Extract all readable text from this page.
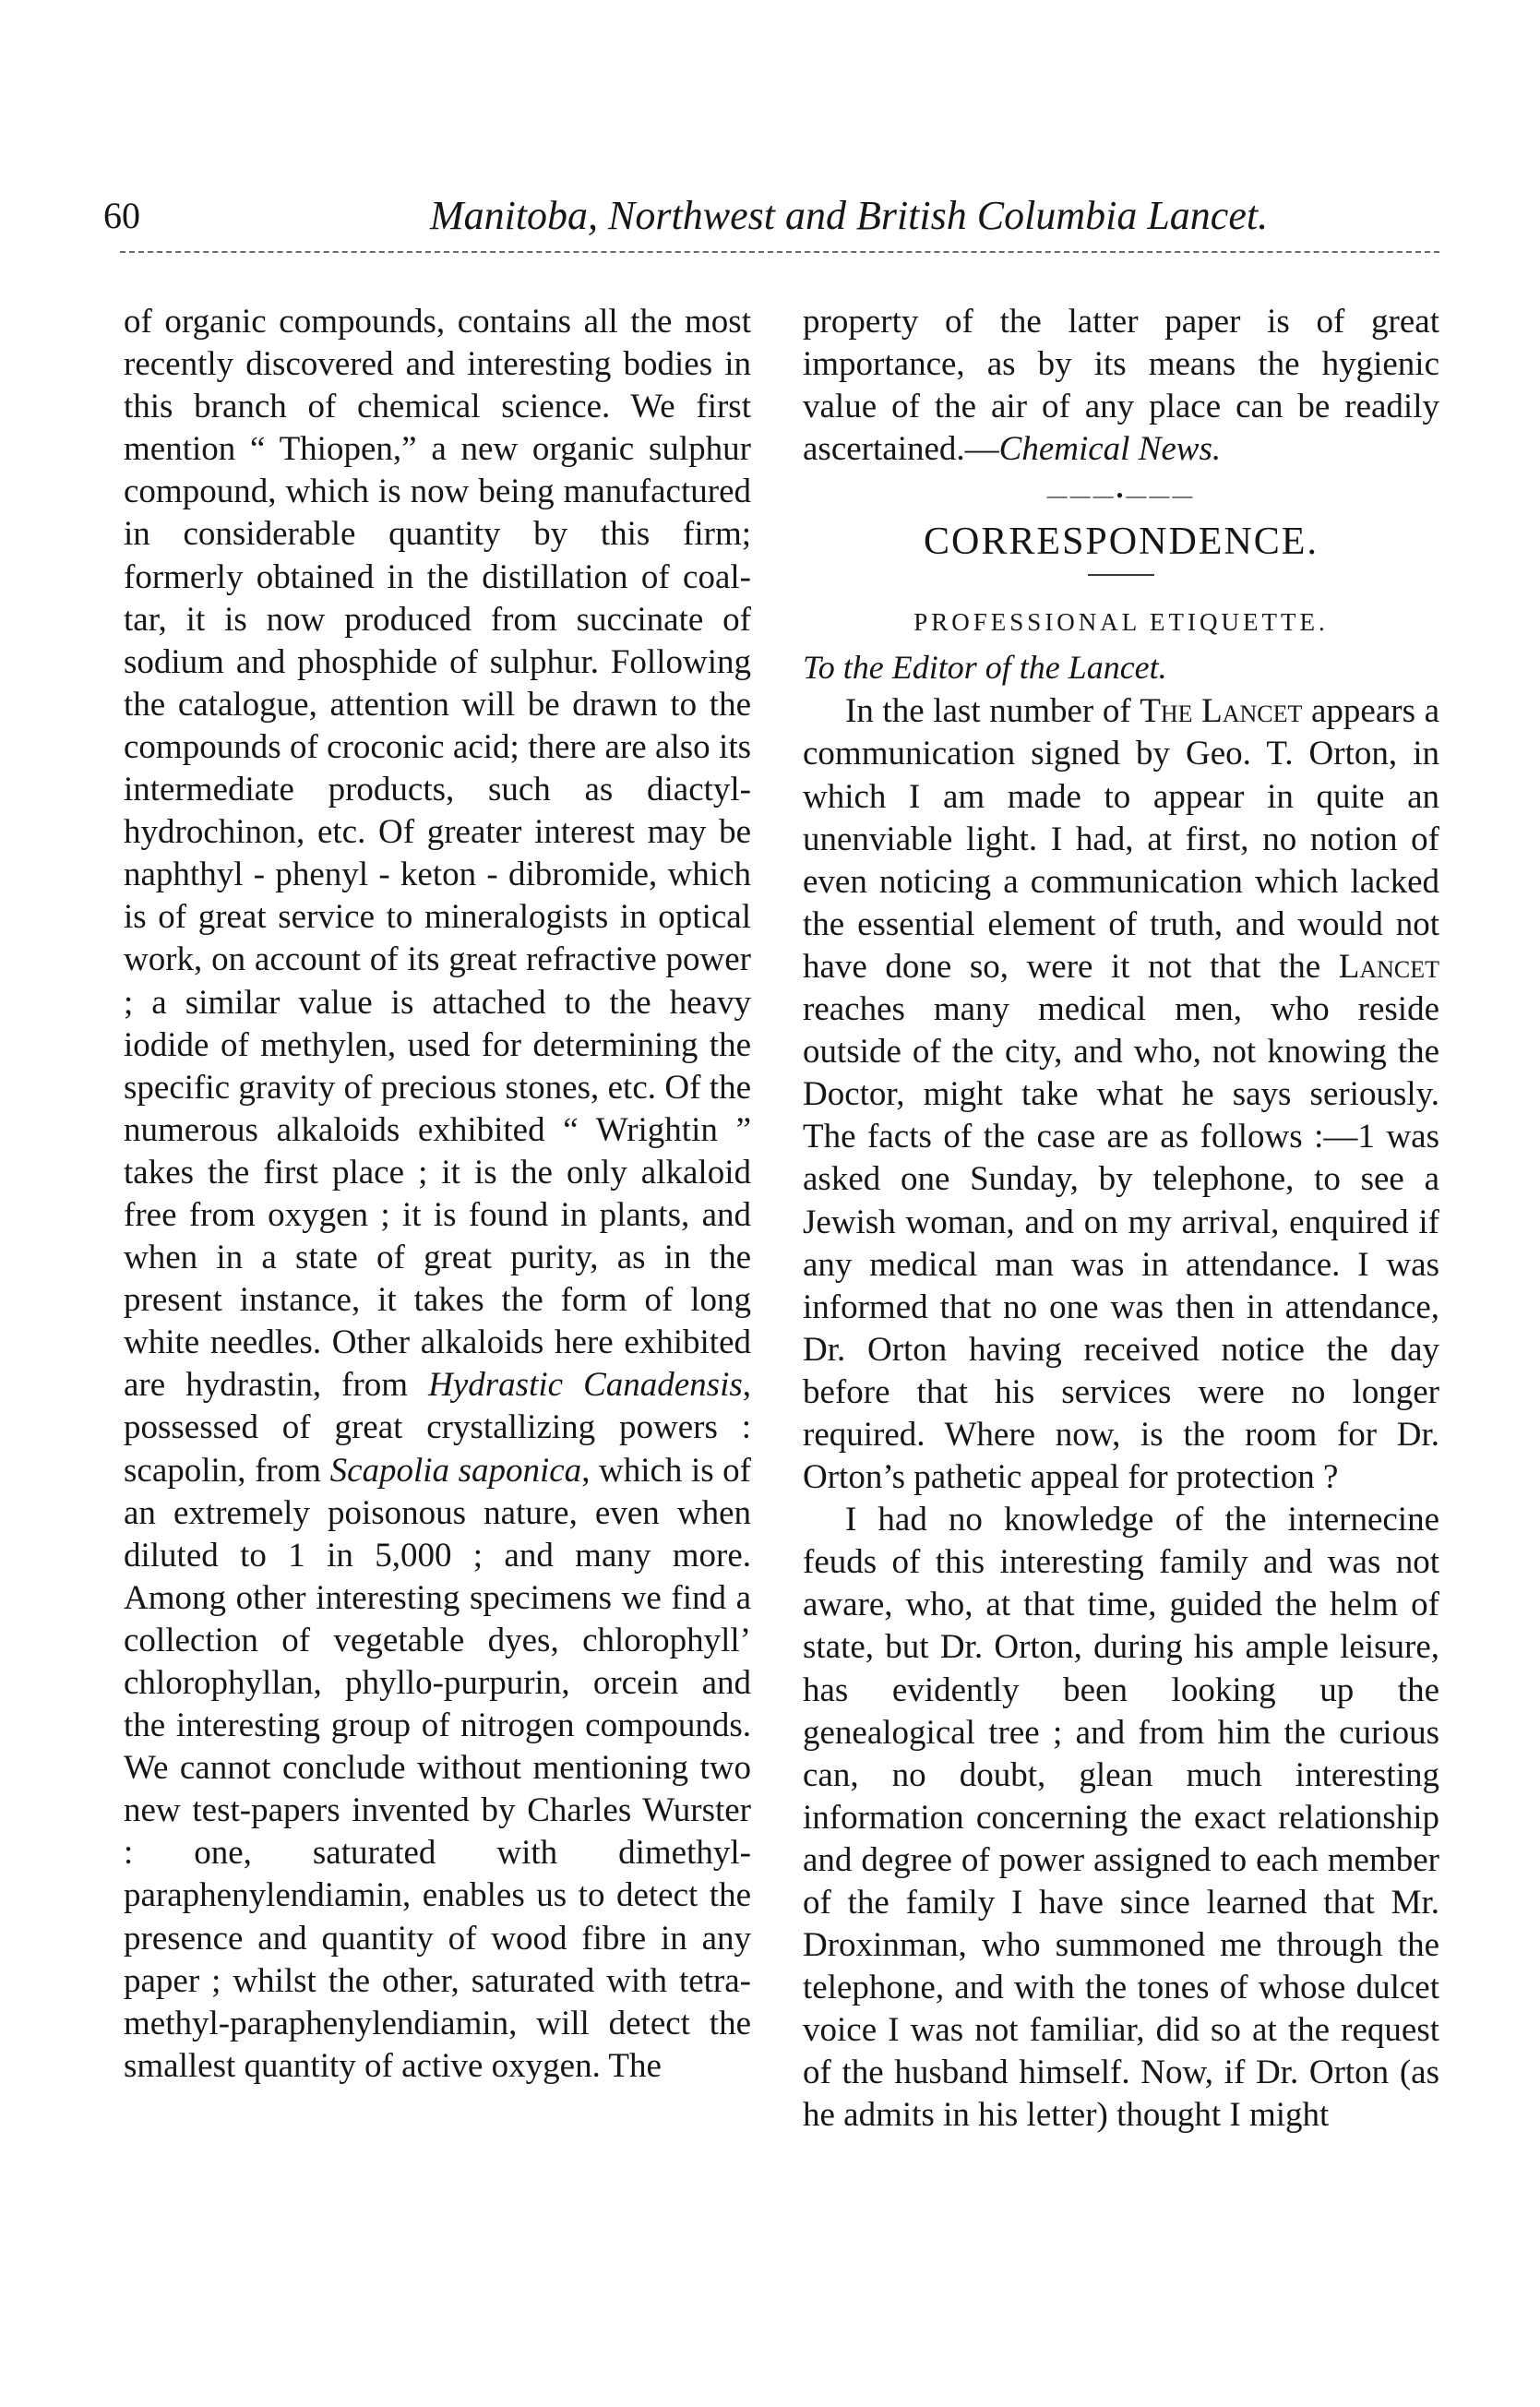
60	Manitoba, Northwest and British Columbia Lancet.

of organic compounds, contains all the most recently discovered and interesting bodies in this branch of chemical science. We first mention “ Thiopen,” a new organic sulphur compound, which is now being manufactured in considerable quantity by this firm; formerly obtained in the distillation of coal-tar, it is now produced from succinate of sodium and phosphide of sulphur. Following the catalogue, attention will be drawn to the compounds of croconic acid; there are also its intermediate products, such as diactyl-hydrochinon, etc. Of greater interest may be naphthyl - phenyl - keton - dibromide, which is of great service to mineralogists in optical work, on account of its great refractive power ; a similar value is attached to the heavy iodide of methylen, used for determining the specific gravity of precious stones, etc. Of the numerous alkaloids exhibited “ Wrightin ” takes the first place ; it is the only alkaloid free from oxygen ; it is found in plants, and when in a state of great purity, as in the present instance, it takes the form of long white needles. Other alkaloids here exhibited are hydrastin, from Hydrastic Canadensis, possessed of great crystallizing powers : scapolin, from Scapolia saponica, which is of an extremely poisonous nature, even when diluted to 1 in 5,000 ; and many more. Among other interesting specimens we find a collection of vegetable dyes, chlorophyll’ chlorophyllan, phyllo-purpurin, orcein and the interesting group of nitrogen compounds. We cannot conclude without mentioning two new test-papers invented by Charles Wurster : one, saturated with dimethyl-paraphenylendiamin, enables us to detect the presence and quantity of wood fibre in any paper ; whilst the other, saturated with tetra-methyl-paraphenylendiamin, will detect the smallest quantity of active oxygen. The

property of the latter paper is of great importance, as by its means the hygienic value of the air of any place can be readily ascertained.—Chemical News.

———•———
CORRESPONDENCE.
PROFESSIONAL ETIQUETTE.
To the Editor of the Lancet.

In the last number of The Lancet appears a communication signed by Geo. T. Orton, in which I am made to appear in quite an unenviable light. I had, at first, no notion of even noticing a communication which lacked the essential element of truth, and would not have done so, were it not that the Lancet reaches many medical men, who reside outside of the city, and who, not knowing the Doctor, might take what he says seriously. The facts of the case are as follows :—1 was asked one Sunday, by telephone, to see a Jewish woman, and on my arrival, enquired if any medical man was in attendance. I was informed that no one was then in attendance, Dr. Orton having received notice the day before that his services were no longer required. Where now, is the room for Dr. Orton’s pathetic appeal for protection ?

I had no knowledge of the internecine feuds of this interesting family and was not aware, who, at that time, guided the helm of state, but Dr. Orton, during his ample leisure, has evidently been looking up the genealogical tree ; and from him the curious can, no doubt, glean much interesting information concerning the exact relationship and degree of power assigned to each member of the family I have since learned that Mr. Droxinman, who summoned me through the telephone, and with the tones of whose dulcet voice I was not familiar, did so at the request of the husband himself. Now, if Dr. Orton (as he admits in his letter) thought I might
